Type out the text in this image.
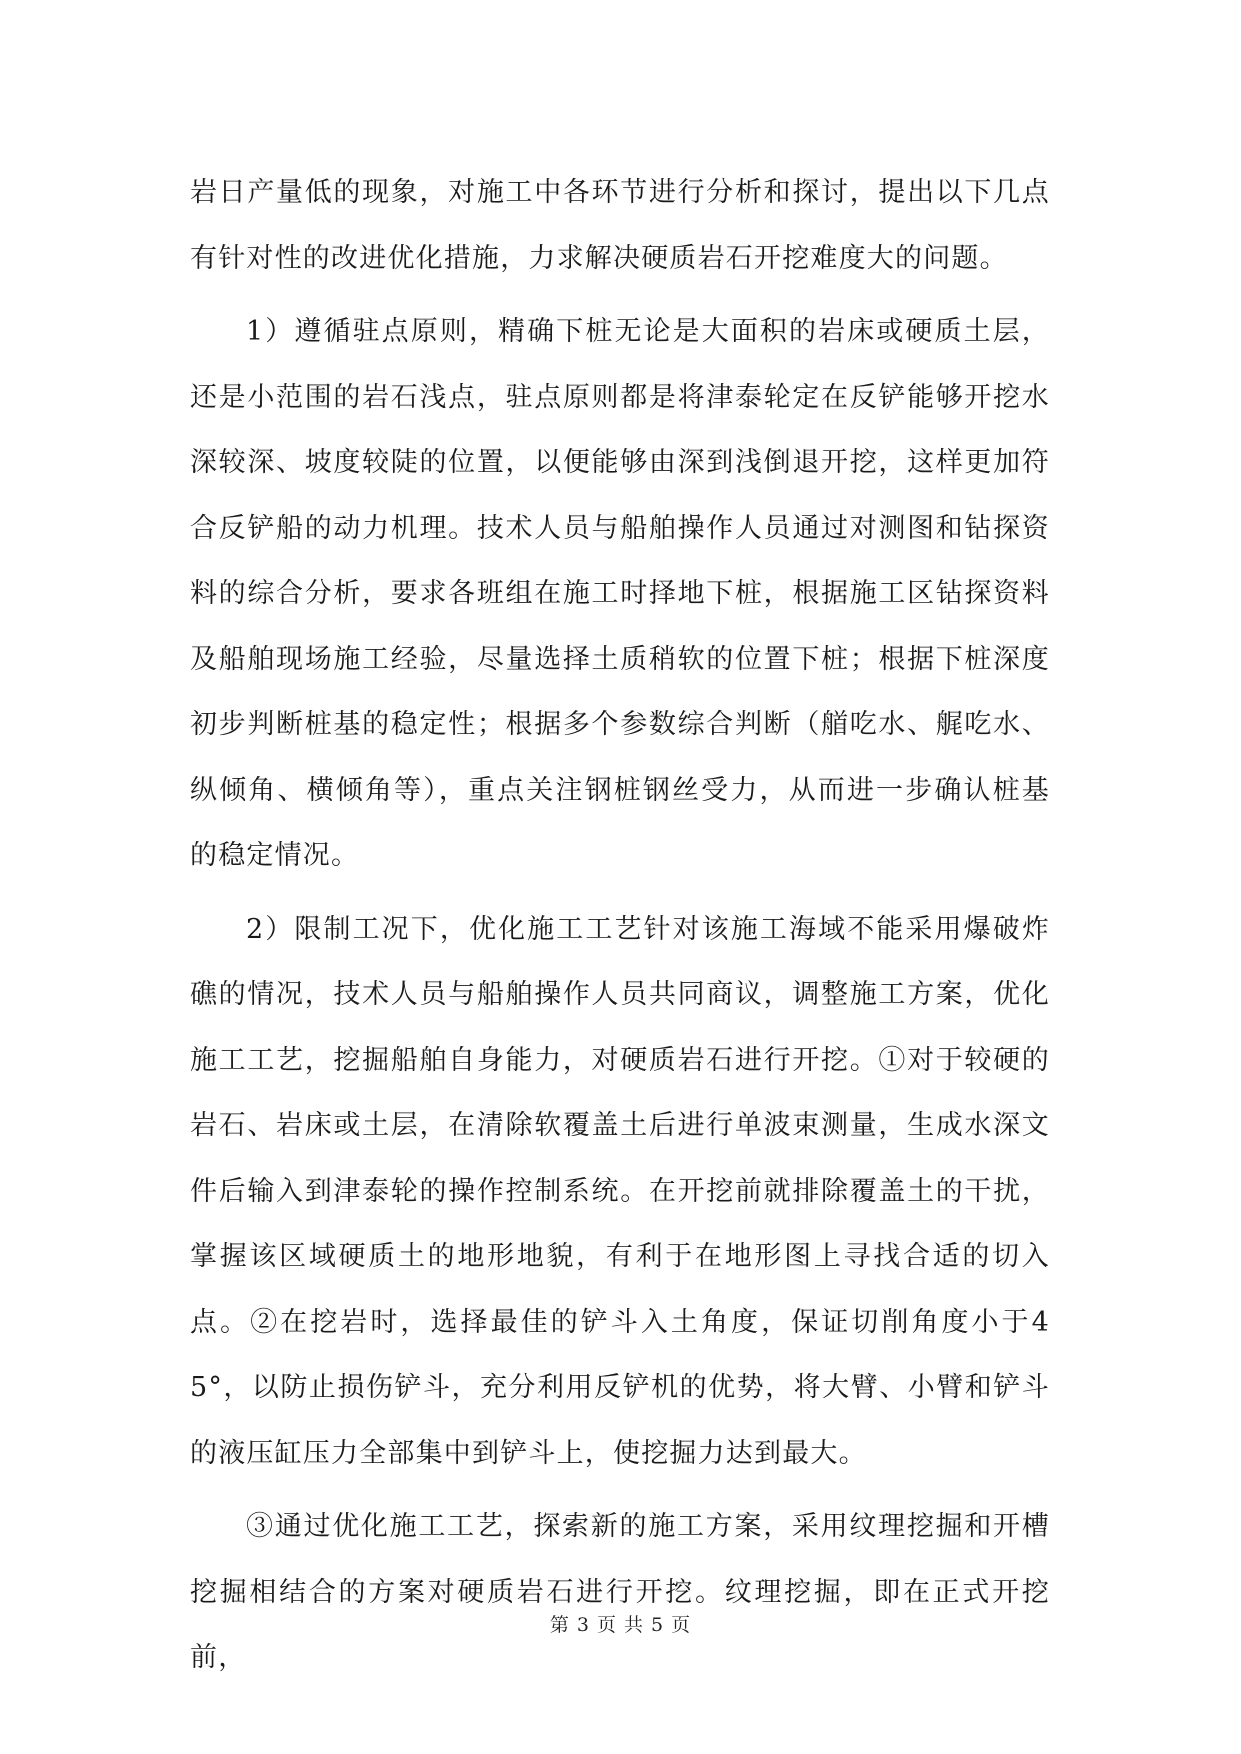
岩日产量低的现象，对施工中各环节进行分析和探讨，提出以下几点有针对性的改进优化措施，力求解决硬质岩石开挖难度大的问题。

1）遵循驻点原则，精确下桩无论是大面积的岩床或硬质土层，还是小范围的岩石浅点，驻点原则都是将津泰轮定在反铲能够开挖水深较深、坡度较陡的位置，以便能够由深到浅倒退开挖，这样更加符合反铲船的动力机理。技术人员与船舶操作人员通过对测图和钻探资料的综合分析，要求各班组在施工时择地下桩，根据施工区钻探资料及船舶现场施工经验，尽量选择土质稍软的位置下桩；根据下桩深度初步判断桩基的稳定性；根据多个参数综合判断（艏吃水、艉吃水、纵倾角、横倾角等），重点关注钢桩钢丝受力，从而进一步确认桩基的稳定情况。

2）限制工况下，优化施工工艺针对该施工海域不能采用爆破炸礁的情况，技术人员与船舶操作人员共同商议，调整施工方案，优化施工工艺，挖掘船舶自身能力，对硬质岩石进行开挖。①对于较硬的岩石、岩床或土层，在清除软覆盖土后进行单波束测量，生成水深文件后输入到津泰轮的操作控制系统。在开挖前就排除覆盖土的干扰，掌握该区域硬质土的地形地貌，有利于在地形图上寻找合适的切入点。②在挖岩时，选择最佳的铲斗入土角度，保证切削角度小于45°，以防止损伤铲斗，充分利用反铲机的优势，将大臂、小臂和铲斗的液压缸压力全部集中到铲斗上，使挖掘力达到最大。

③通过优化施工工艺，探索新的施工方案，采用纹理挖掘和开槽挖掘相结合的方案对硬质岩石进行开挖。纹理挖掘，即在正式开挖前，

第 3 页 共 5 页
